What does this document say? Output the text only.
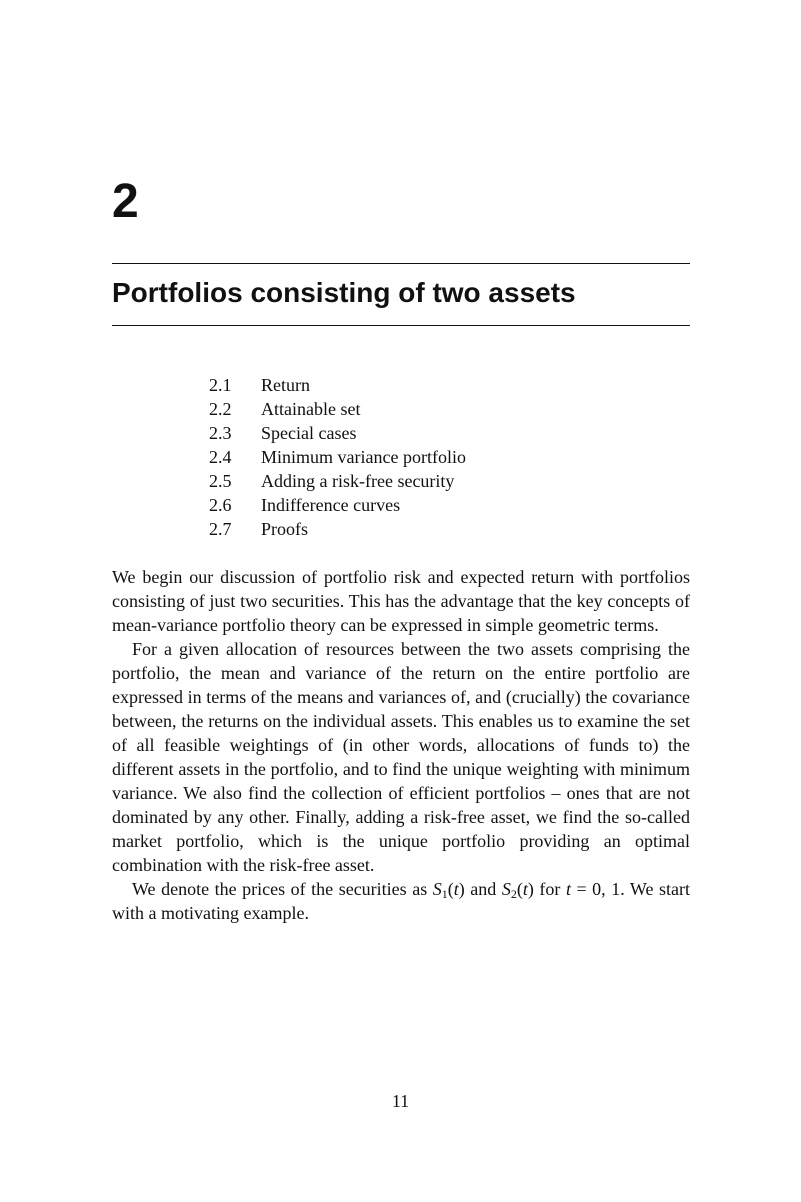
2
Portfolios consisting of two assets
2.1	Return
2.2	Attainable set
2.3	Special cases
2.4	Minimum variance portfolio
2.5	Adding a risk-free security
2.6	Indifference curves
2.7	Proofs

We begin our discussion of portfolio risk and expected return with portfolios consisting of just two securities. This has the advantage that the key concepts of mean-variance portfolio theory can be expressed in simple geometric terms.

For a given allocation of resources between the two assets comprising the portfolio, the mean and variance of the return on the entire portfolio are expressed in terms of the means and variances of, and (crucially) the covariance between, the returns on the individual assets. This enables us to examine the set of all feasible weightings of (in other words, allocations of funds to) the different assets in the portfolio, and to find the unique weighting with minimum variance. We also find the collection of efficient portfolios – ones that are not dominated by any other. Finally, adding a risk-free asset, we find the so-called market portfolio, which is the unique portfolio providing an optimal combination with the risk-free asset.

We denote the prices of the securities as $S_1(t)$ and $S_2(t)$ for t = 0, 1. We start with a motivating example.

11
